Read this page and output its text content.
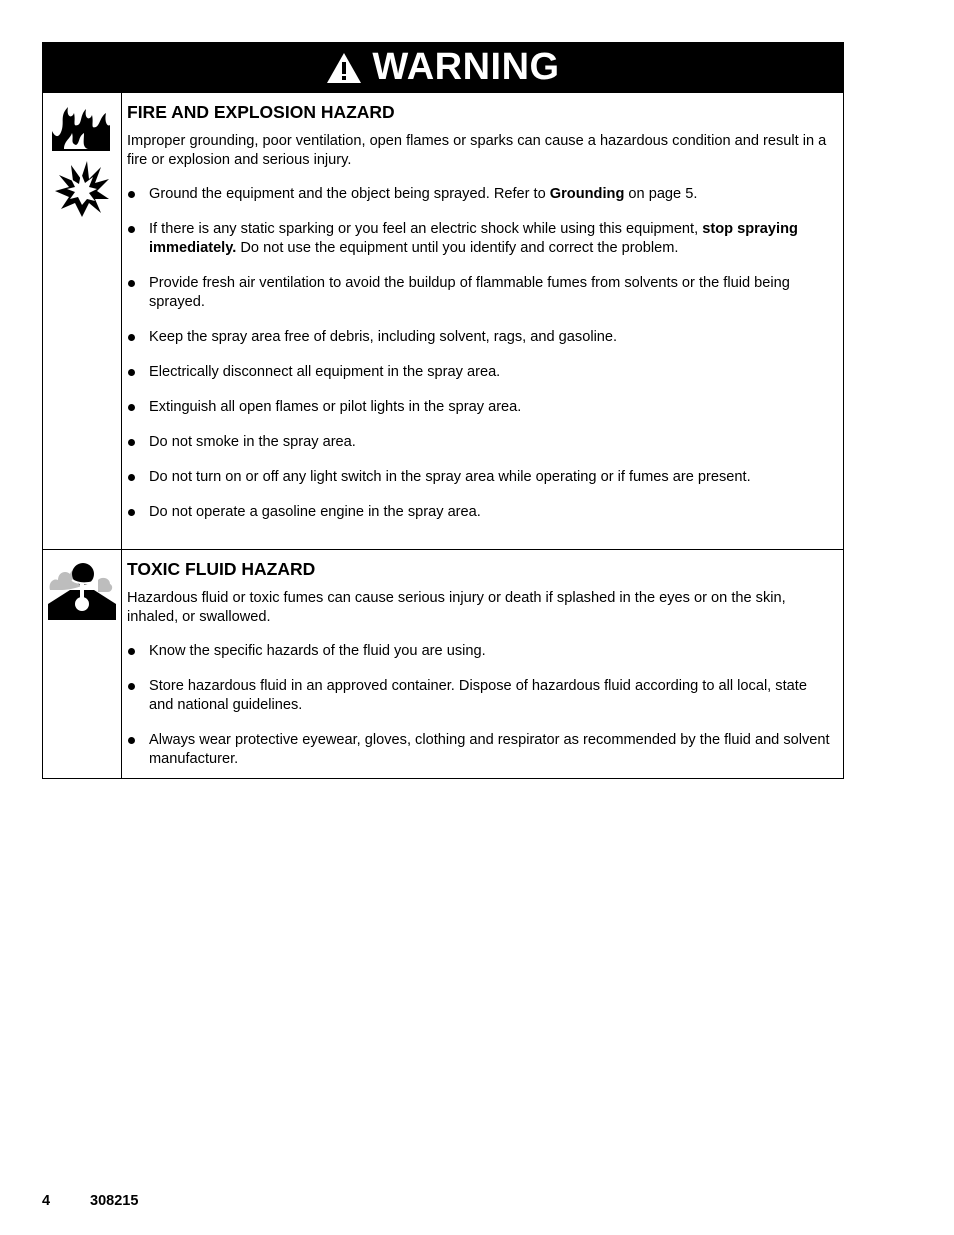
WARNING
FIRE AND EXPLOSION HAZARD

Improper grounding, poor ventilation, open flames or sparks can cause a hazardous condition and result in a fire or explosion and serious injury.

Ground the equipment and the object being sprayed. Refer to Grounding on page 5.
If there is any static sparking or you feel an electric shock while using this equipment, stop spraying immediately. Do not use the equipment until you identify and correct the problem.
Provide fresh air ventilation to avoid the buildup of flammable fumes from solvents or the fluid being sprayed.
Keep the spray area free of debris, including solvent, rags, and gasoline.
Electrically disconnect all equipment in the spray area.
Extinguish all open flames or pilot lights in the spray area.
Do not smoke in the spray area.
Do not turn on or off any light switch in the spray area while operating or if fumes are present.
Do not operate a gasoline engine in the spray area.
TOXIC FLUID HAZARD

Hazardous fluid or toxic fumes can cause serious injury or death if splashed in the eyes or on the skin, inhaled, or swallowed.

Know the specific hazards of the fluid you are using.
Store hazardous fluid in an approved container. Dispose of hazardous fluid according to all local, state and national guidelines.
Always wear protective eyewear, gloves, clothing and respirator as recommended by the fluid and solvent manufacturer.
4	308215
